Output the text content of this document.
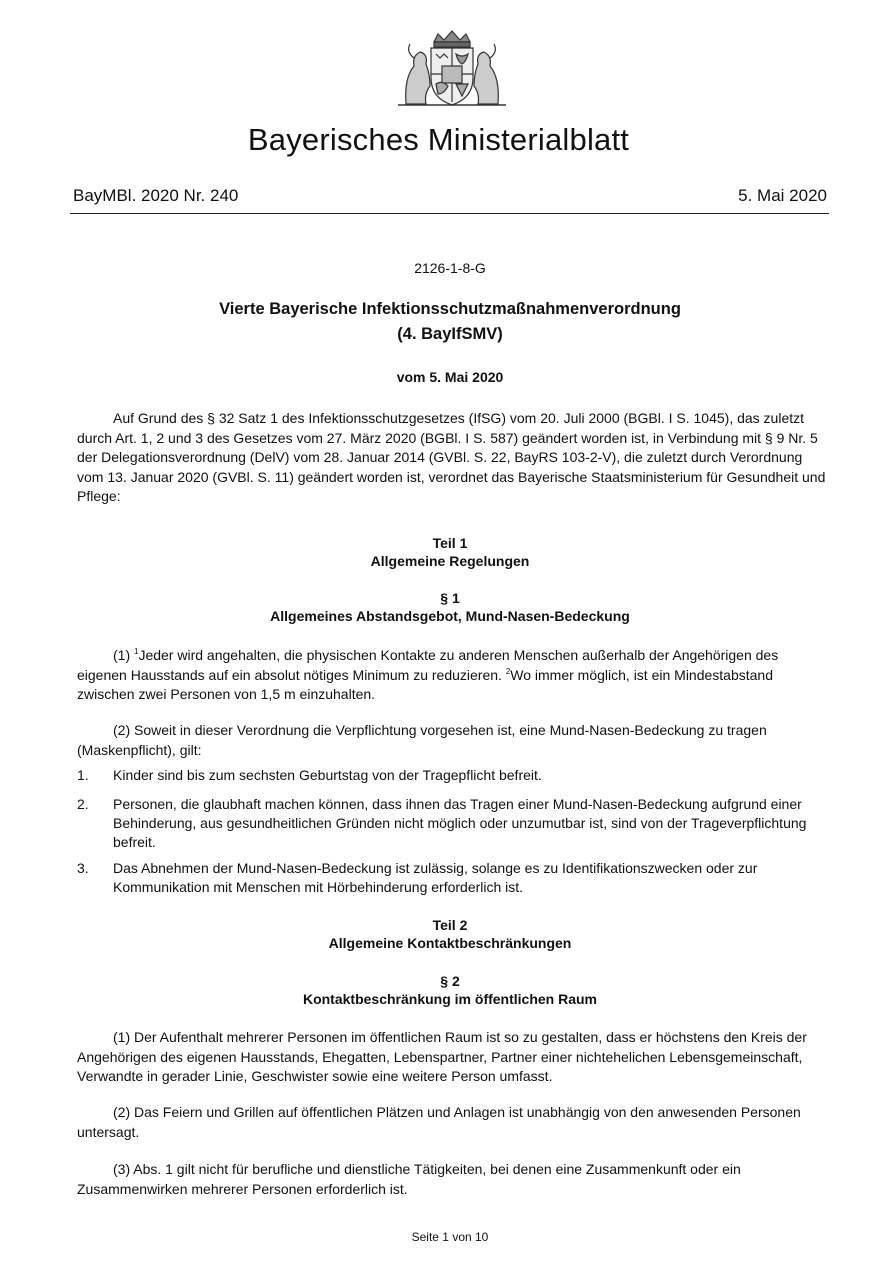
Bayerisches Ministerialblatt
BayMBl. 2020 Nr. 240	5. Mai 2020
2126-1-8-G
Vierte Bayerische Infektionsschutzmaßnahmenverordnung
(4. BayIfSMV)
vom 5. Mai 2020

Auf Grund des § 32 Satz 1 des Infektionsschutzgesetzes (IfSG) vom 20. Juli 2000 (BGBl. I S. 1045), das zuletzt durch Art. 1, 2 und 3 des Gesetzes vom 27. März 2020 (BGBl. I S. 587) geändert worden ist, in Verbindung mit § 9 Nr. 5 der Delegationsverordnung (DelV) vom 28. Januar 2014 (GVBl. S. 22, BayRS 103-2-V), die zuletzt durch Verordnung vom 13. Januar 2020 (GVBl. S. 11) geändert worden ist, verordnet das Bayerische Staatsministerium für Gesundheit und Pflege:

Teil 1
Allgemeine Regelungen
§ 1
Allgemeines Abstandsgebot, Mund-Nasen-Bedeckung

(1) $^1$Jeder wird angehalten, die physischen Kontakte zu anderen Menschen außerhalb der Angehörigen des eigenen Hausstands auf ein absolut nötiges Minimum zu reduzieren. $^2$Wo immer möglich, ist ein Mindestabstand zwischen zwei Personen von 1,5 m einzuhalten.

(2) Soweit in dieser Verordnung die Verpflichtung vorgesehen ist, eine Mund-Nasen-Bedeckung zu tragen (Maskenpflicht), gilt:

1. Kinder sind bis zum sechsten Geburtstag von der Tragepflicht befreit.
2. Personen, die glaubhaft machen können, dass ihnen das Tragen einer Mund-Nasen-Bedeckung aufgrund einer Behinderung, aus gesundheitlichen Gründen nicht möglich oder unzumutbar ist, sind von der Trageverpflichtung befreit.
3. Das Abnehmen der Mund-Nasen-Bedeckung ist zulässig, solange es zu Identifikationszwecken oder zur Kommunikation mit Menschen mit Hörbehinderung erforderlich ist.
Teil 2
Allgemeine Kontaktbeschränkungen
§ 2
Kontaktbeschränkung im öffentlichen Raum

(1) Der Aufenthalt mehrerer Personen im öffentlichen Raum ist so zu gestalten, dass er höchstens den Kreis der Angehörigen des eigenen Hausstands, Ehegatten, Lebenspartner, Partner einer nichtehelichen Lebensgemeinschaft, Verwandte in gerader Linie, Geschwister sowie eine weitere Person umfasst.

(2) Das Feiern und Grillen auf öffentlichen Plätzen und Anlagen ist unabhängig von den anwesenden Personen untersagt.

(3) Abs. 1 gilt nicht für berufliche und dienstliche Tätigkeiten, bei denen eine Zusammenkunft oder ein Zusammenwirken mehrerer Personen erforderlich ist.

Seite 1 von 10
